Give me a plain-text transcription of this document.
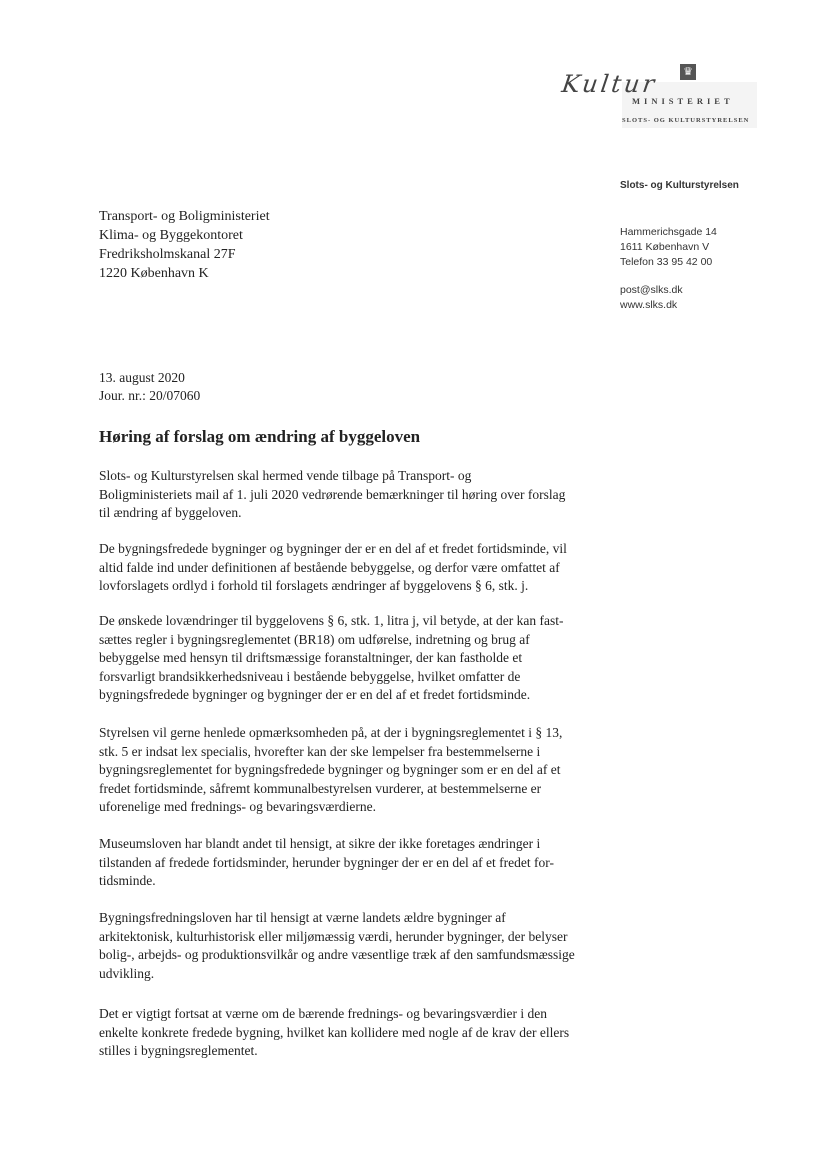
Kultur ♛
MINISTERIET
SLOTS- OG KULTURSTYRELSEN
Slots- og Kulturstyrelsen
Hammerichsgade 14
1611 København V
Telefon 33 95 42 00
post@slks.dk
www.slks.dk
Transport- og Boligministeriet
Klima- og Byggekontoret
Fredriksholmskanal 27F
1220 København K
13. august 2020
Jour. nr.: 20/07060
Høring af forslag om ændring af byggeloven
Slots- og Kulturstyrelsen skal hermed vende tilbage på Transport- og
Boligministeriets mail af 1. juli 2020 vedrørende bemærkninger til høring over forslag
til ændring af byggeloven.
De bygningsfredede bygninger og bygninger der er en del af et fredet fortidsminde, vil
altid falde ind under definitionen af bestående bebyggelse, og derfor være omfattet af
lovforslagets ordlyd i forhold til forslagets ændringer af byggelovens § 6, stk. j.
De ønskede lovændringer til byggelovens § 6, stk. 1, litra j, vil betyde, at der kan fast-
sættes regler i bygningsreglementet (BR18) om udførelse, indretning og brug af
bebyggelse med hensyn til driftsmæssige foranstaltninger, der kan fastholde et
forsvarligt brandsikkerhedsniveau i bestående bebyggelse, hvilket omfatter de
bygningsfredede bygninger og bygninger der er en del af et fredet fortidsminde.
Styrelsen vil gerne henlede opmærksomheden på, at der i bygningsreglementet i § 13,
stk. 5 er indsat lex specialis, hvorefter kan der ske lempelser fra bestemmelserne i
bygningsreglementet for bygningsfredede bygninger og bygninger som er en del af et
fredet fortidsminde, såfremt kommunalbestyrelsen vurderer, at bestemmelserne er
uforenelige med frednings- og bevaringsværdierne.
Museumsloven har blandt andet til hensigt, at sikre der ikke foretages ændringer i
tilstanden af fredede fortidsminder, herunder bygninger der er en del af et fredet for-
tidsminde.
Bygningsfredningsloven har til hensigt at værne landets ældre bygninger af
arkitektonisk, kulturhistorisk eller miljømæssig værdi, herunder bygninger, der belyser
bolig-, arbejds- og produktionsvilkår og andre væsentlige træk af den samfundsmæssige
udvikling.
Det er vigtigt fortsat at værne om de bærende frednings- og bevaringsværdier i den
enkelte konkrete fredede bygning, hvilket kan kollidere med nogle af de krav der ellers
stilles i bygningsreglementet.
